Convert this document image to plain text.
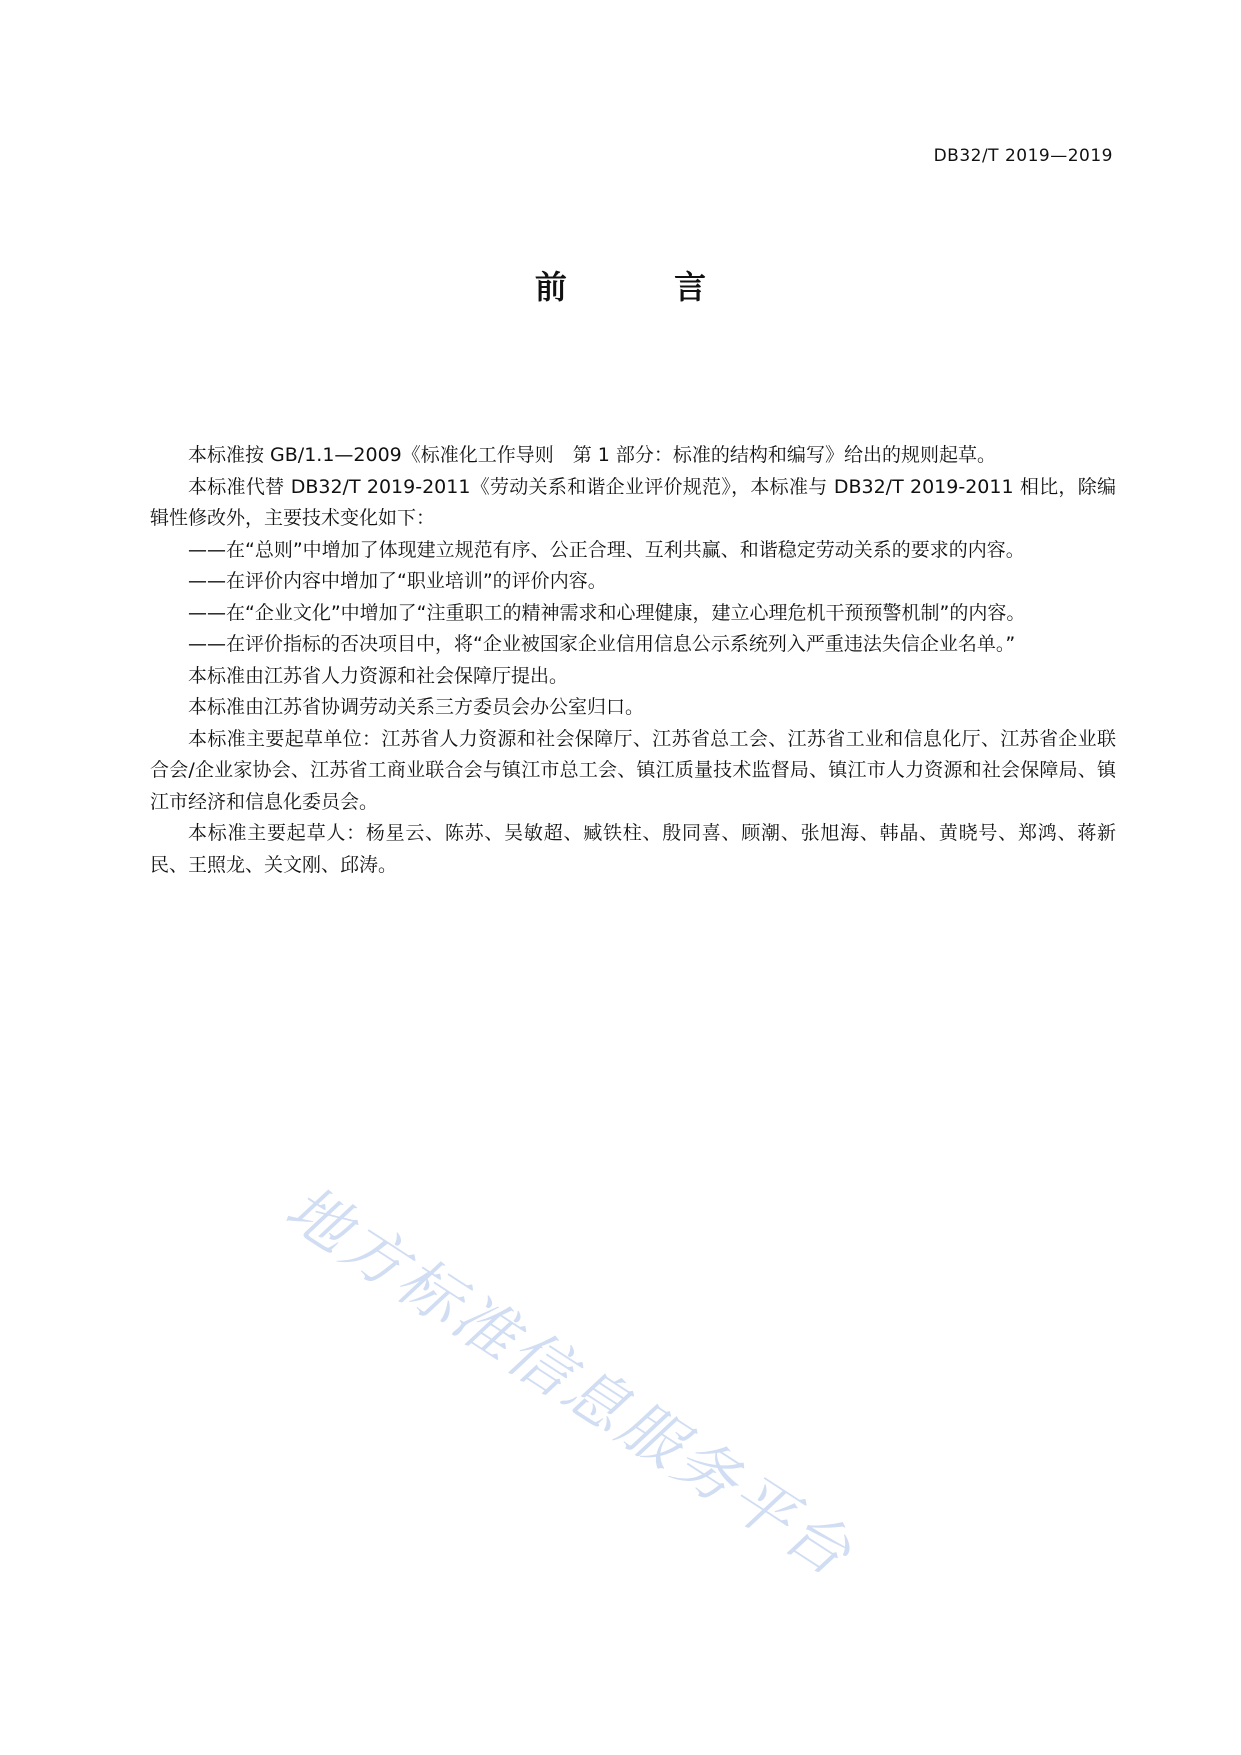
DB32/T 2019—2019
前 言

本标准按 GB/1.1—2009《标准化工作导则　第 1 部分：标准的结构和编写》给出的规则起草。

本标准代替 DB32/T 2019-2011《劳动关系和谐企业评价规范》，本标准与 DB32/T 2019-2011 相比，除编辑性修改外，主要技术变化如下：

——在“总则”中增加了体现建立规范有序、公正合理、互利共赢、和谐稳定劳动关系的要求的内容。

——在评价内容中增加了“职业培训”的评价内容。

——在“企业文化”中增加了“注重职工的精神需求和心理健康，建立心理危机干预预警机制”的内容。

——在评价指标的否决项目中，将“企业被国家企业信用信息公示系统列入严重违法失信企业名单。”

本标准由江苏省人力资源和社会保障厅提出。

本标准由江苏省协调劳动关系三方委员会办公室归口。

本标准主要起草单位：江苏省人力资源和社会保障厅、江苏省总工会、江苏省工业和信息化厅、江苏省企业联合会/企业家协会、江苏省工商业联合会与镇江市总工会、镇江质量技术监督局、镇江市人力资源和社会保障局、镇江市经济和信息化委员会。

本标准主要起草人：杨星云、陈苏、吴敏超、臧铁柱、殷同喜、顾潮、张旭海、韩晶、黄晓号、郑鸿、蒋新民、王照龙、关文刚、邱涛。

地方标准信息服务平台
